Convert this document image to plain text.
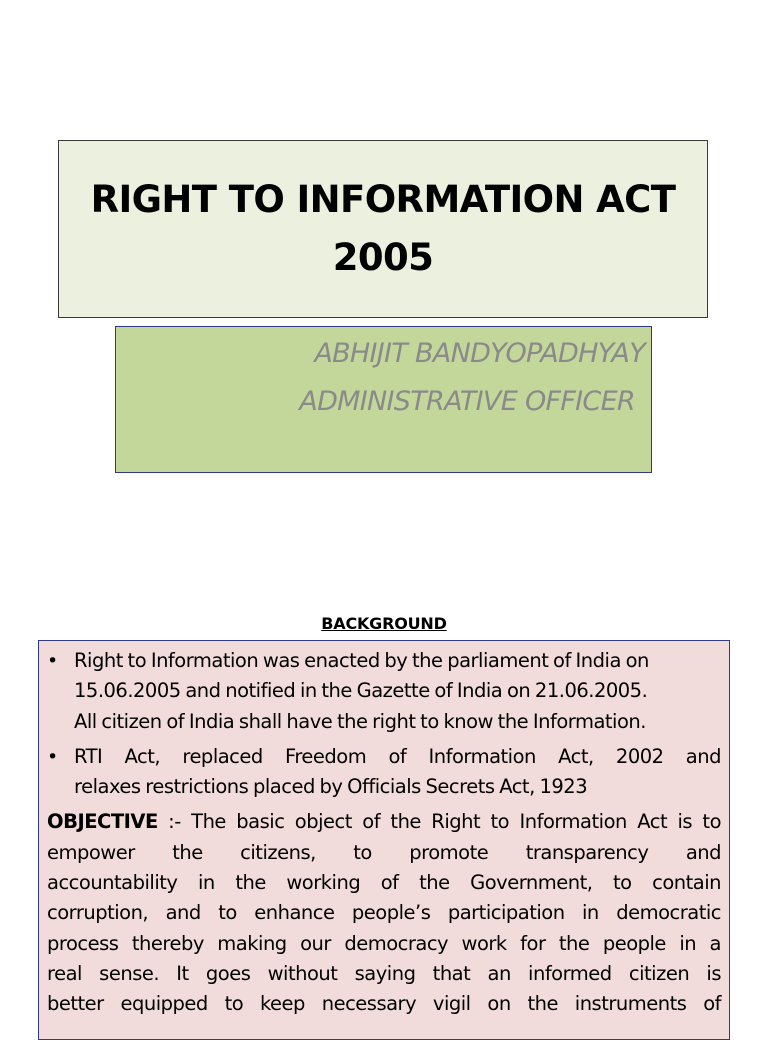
RIGHT TO INFORMATION ACT
2005
ABHIJIT BANDYOPADHYAY
ADMINISTRATIVE OFFICER
BACKGROUND
• Right to Information was enacted by the parliament of India on
15.06.2005 and notified in the Gazette of India on 21.06.2005.
All citizen of India shall have the right to know the Information.
• RTI Act, replaced Freedom of Information Act, 2002 and
relaxes restrictions placed by Officials Secrets Act, 1923
OBJECTIVE :- The basic object of the Right to Information Act is to
empower the citizens, to promote transparency and
accountability in the working of the Government, to contain
corruption, and to enhance people’s participation in democratic
process thereby making our democracy work for the people in a
real sense. It goes without saying that an informed citizen is
better equipped to keep necessary vigil on the instruments of
